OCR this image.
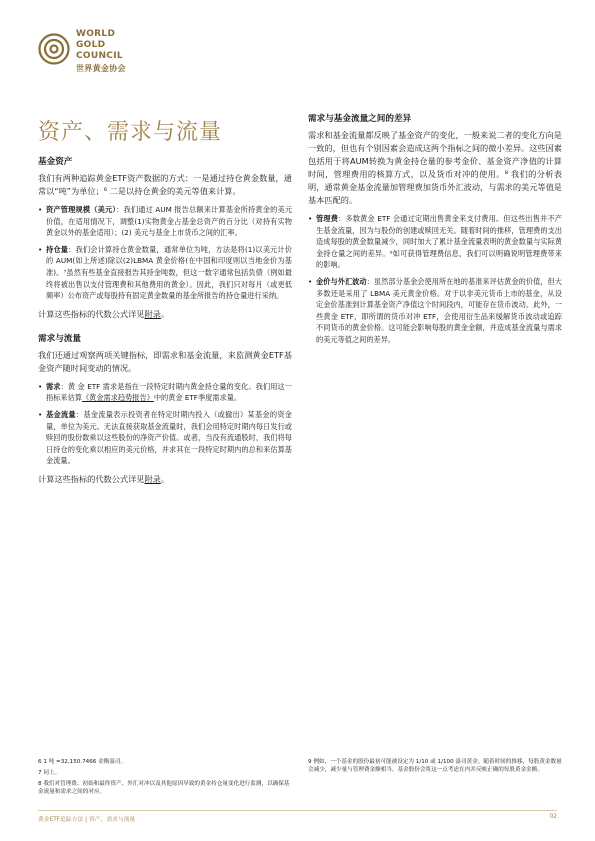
WORLD
GOLD
COUNCIL
世界黄金协会
资产、需求与流量
基金资产

我们有两种追踪黄金ETF资产数据的方式：一是通过持仓黄金数量，通常以“吨”为单位；⁶ 二是以持仓黄金的美元等值来计算。

• 资产管理规模（美元）：我们通过 AUM 报告总额来计算基金所持黄金的美元价值，在适用情况下，调整(1)实物黄金占基金总资产的百分比（对持有实物黄金以外的基金适用）；(2) 美元与基金上市货币之间的汇率。
• 持仓量：我们会计算持仓黄金数量，通常单位为吨，方法是将(1)以美元计价的 AUM(如上所述)除以(2)LBMA 黄金价格(在中国和印度则以当地金价为基准)。⁷虽然有些基金直接报告其持金吨数，但这一数字通常包括负债（例如最终将被出售以支付管理费和其他费用的黄金）。因此，我们只对每月（或更低频率）公布资产或每股持有固定黄金数量的基金所报告的持仓量进行采纳。

计算这些指标的代数公式详见附录。

需求与流量

我们还通过观察两项关键指标，即需求和基金流量，来监测黄金ETF基金资产随时间变动的情况。

• 需求：黄 金 ETF 需求是指在一段特定时期内黄金持仓量的变化。我们用这一指标来估算《黄金需求趋势报告》中的黄金 ETF季度需求量。
• 基金流量：基金流量表示投资者在特定时期内投入（或撤出）某基金的资金量，单位为美元。无法直接获取基金流量时，我们会用特定时期内每日发行或赎回的股份数乘以这些股份的净资产价值。或者，当没有流通股时，我们将每日持仓的变化乘以相应的美元价格，并求其在一段特定时期内的总和来估算基金流量。

计算这些指标的代数公式详见附录。

需求与基金流量之间的差异

需求和基金流量都反映了基金资产的变化，一般来说二者的变化方向是一致的，但也有个别因素会造成这两个指标之间的微小差异。这些因素包括用于将AUM转换为黄金持仓量的参考金价、基金资产净值的计算时间，管理费用的核算方式，以及货币对冲的使用。⁸ 我们的分析表明，通常黄金基金流量加管理费加货币外汇波动，与需求的美元等值是基本匹配的。

• 管理费：多数黄金 ETF 会通过定期出售黄金来支付费用。但这些出售并不产生基金流量，因为与股份的创建或赎回无关。随着时间的推移，管理费的支出造成每股的黄金数量减少，同时加大了累计基金流量表明的黄金数量与实际黄金持仓量之间的差异。⁹如可获得管理费信息，我们可以明确说明管理费带来的影响。
• 金价与外汇波动：虽然部分基金会使用所在地的基准来评估黄金的价值，但大多数还是采用了 LBMA 美元黄金价格。对于以非美元货币上市的基金，从设定金价基准到计算基金资产净值这个时间段内，可能存在货币波动。此外，一些黄金 ETF，即所谓的货币对冲 ETF，会使用衍生品来缓解货币波动或追踪不同货币的黄金价格。这可能会影响每股的黄金金额，并造成基金流量与需求的美元等值之间的差异。
6 1 吨 =32,150.7466 金衡盎司。
7 同上。
8 我们对管理费、初始和最终资产、外汇对冲以及其他原因导致的黄金持仓量变化进行监测，以确保基金流量和需求之间的对应。
9 例如，一个基金的股份最初可能被设定为 1/10 或 1/100 盎司黄金。随着时间的推移，每股黄金数量会减少，减少量与管理费金额相当。基金股份会将这一点考虑在内并反映正确的每股黄金金额。
黄金ETF追踪方法 | 资产、需求与流量	02
